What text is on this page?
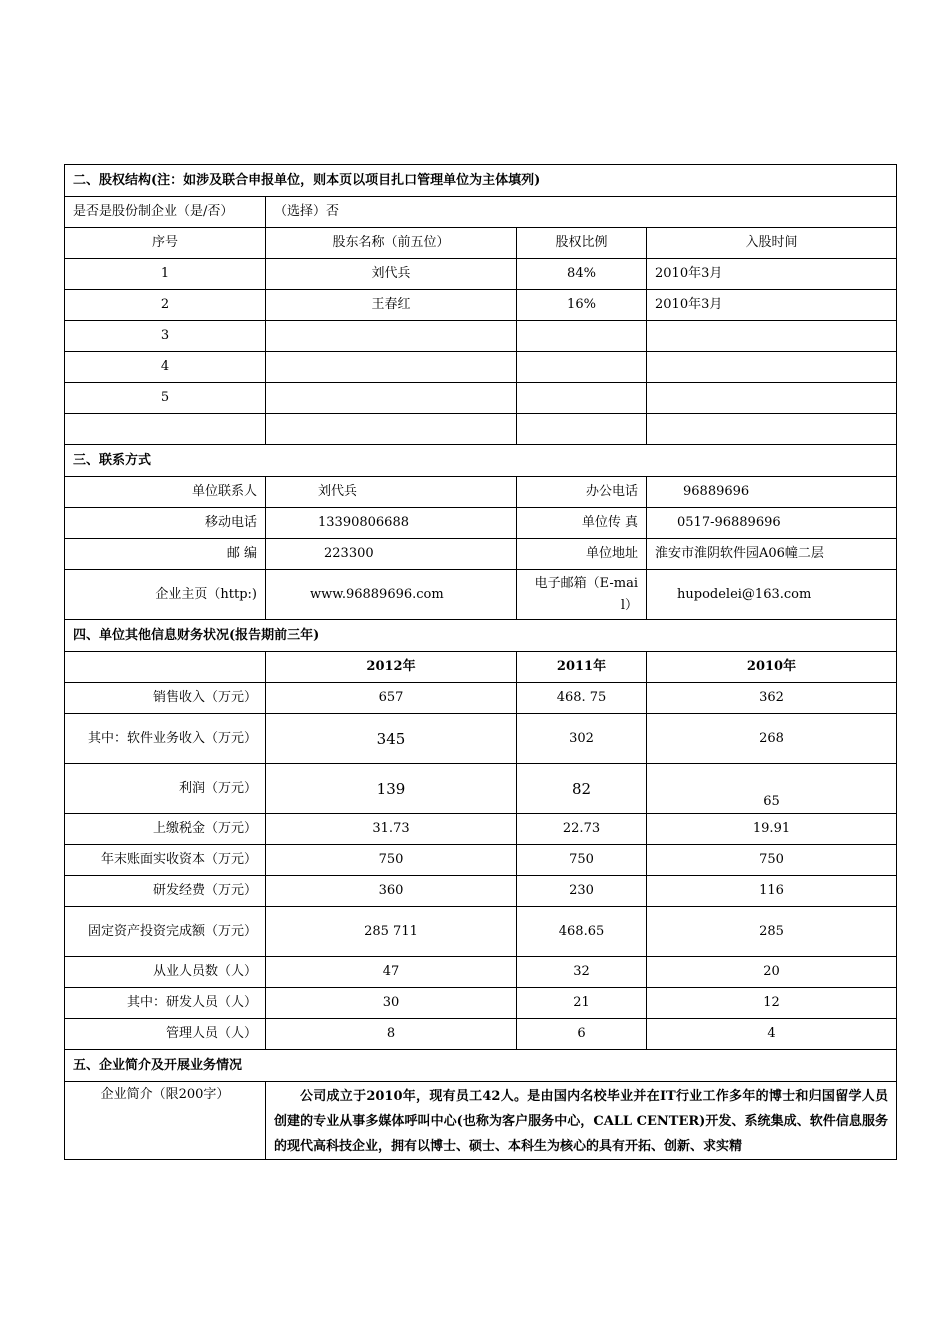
二、股权结构(注：如涉及联合申报单位，则本页以项目扎口管理单位为主体填列)			
是否是股份制企业（是/否）	（选择）否		
序号	股东名称（前五位）	股权比例	入股时间
1	刘代兵	84%	2010年3月
2	王春红	16%	2010年3月
3			
4			
5			

三、联系方式			
单位联系人	刘代兵	办公电话	96889696
移动电话	13390806688	单位传 真	0517-96889696
邮 编	223300	单位地址	淮安市淮阴软件园A06幢二层
企业主页（http:)	www.96889696.com	电子邮箱（E-mail）	hupodelei@163.com
四、单位其他信息财务状况(报告期前三年)			
	2012年	2011年	2010年
销售收入（万元）	657	468. 75	362
其中：软件业务收入（万元）	345	302	268
利润（万元）	139	82	65
上缴税金（万元）	31.73	22.73	19.91
年末账面实收资本（万元）	750	750	750
研发经费（万元）	360	230	116
固定资产投资完成额（万元）	285 711	468.65	285
从业人员数（人）	47	32	20
其中：研发人员（人）	30	21	12
管理人员（人）	8	6	4
五、企业简介及开展业务情况			
企业简介（限200字）	公司成立于2010年，现有员工42人。是由国内名校毕业并在IT行业工作多年的博士和归国留学人员创建的专业从事多媒体呼叫中心(也称为客户服务中心，CALL CENTER)开发、系统集成、软件信息服务的现代高科技企业，拥有以博士、硕士、本科生为核心的具有开拓、创新、求实精		
